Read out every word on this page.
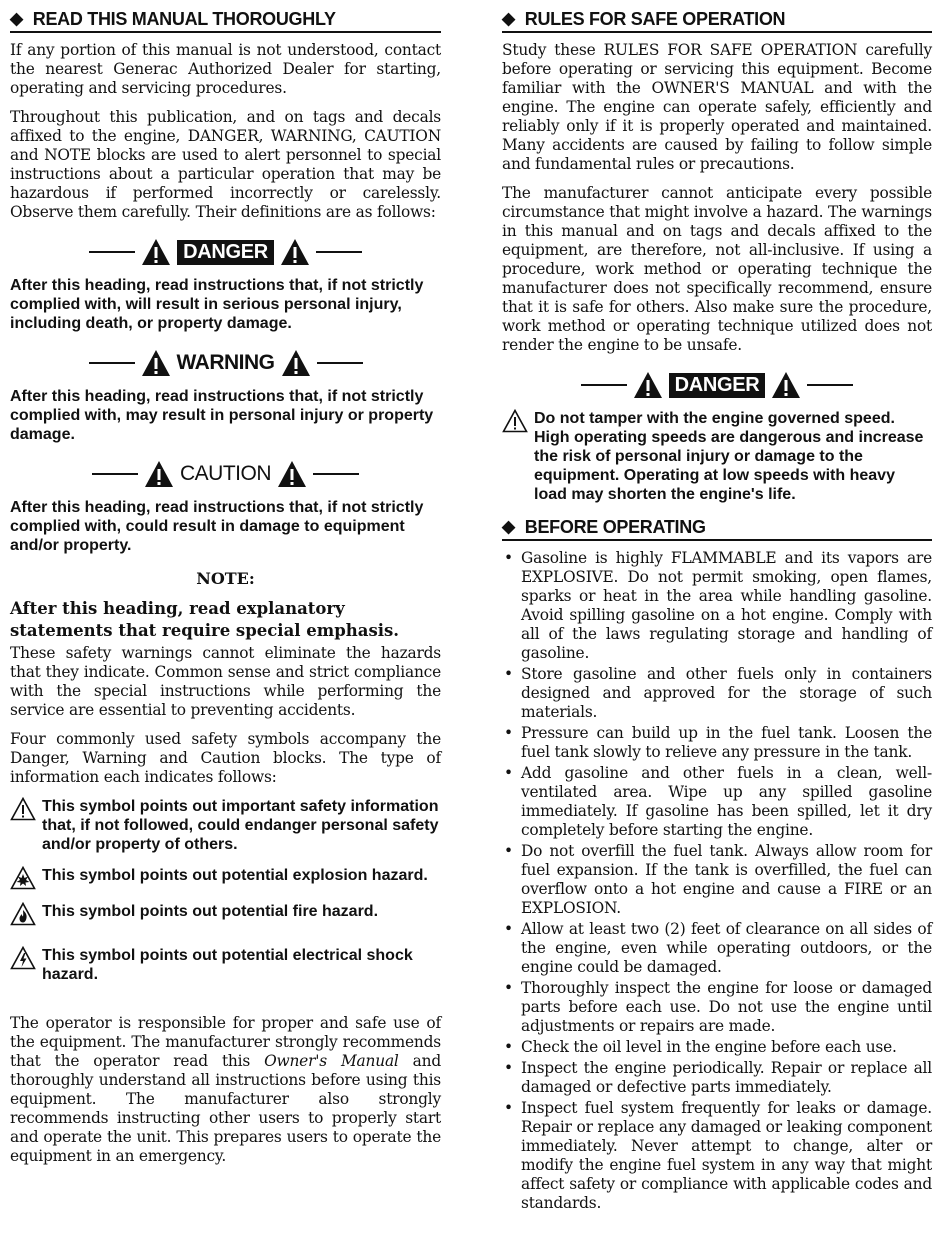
◆ READ THIS MANUAL THOROUGHLY

If any portion of this manual is not understood, contact the nearest Generac Authorized Dealer for starting, operating and servicing procedures.

Throughout this publication, and on tags and decals affixed to the engine, DANGER, WARNING, CAUTION and NOTE blocks are used to alert personnel to special instructions about a particular operation that may be hazardous if performed incorrectly or carelessly. Observe them carefully. Their definitions are as follows:

DANGER

After this heading, read instructions that, if not strictly complied with, will result in serious personal injury, including death, or property damage.

WARNING

After this heading, read instructions that, if not strictly complied with, may result in personal injury or property damage.

CAUTION

After this heading, read instructions that, if not strictly complied with, could result in damage to equipment and/or property.

NOTE:

After this heading, read explanatory statements that require special emphasis.

These safety warnings cannot eliminate the hazards that they indicate. Common sense and strict compliance with the special instructions while performing the service are essential to preventing accidents.

Four commonly used safety symbols accompany the Danger, Warning and Caution blocks. The type of information each indicates follows:

This symbol points out important safety information that, if not followed, could endanger personal safety and/or property of others.
This symbol points out potential explosion hazard.
This symbol points out potential fire hazard.
This symbol points out potential electrical shock hazard.

The operator is responsible for proper and safe use of the equipment. The manufacturer strongly recommends that the operator read this Owner's Manual and thoroughly understand all instructions before using this equipment. The manufacturer also strongly recommends instructing other users to properly start and operate the unit. This prepares users to operate the equipment in an emergency.

◆ RULES FOR SAFE OPERATION

Study these RULES FOR SAFE OPERATION carefully before operating or servicing this equipment. Become familiar with the OWNER'S MANUAL and with the engine. The engine can operate safely, efficiently and reliably only if it is properly operated and maintained. Many accidents are caused by failing to follow simple and fundamental rules or precautions.

The manufacturer cannot anticipate every possible circumstance that might involve a hazard. The warnings in this manual and on tags and decals affixed to the equipment, are therefore, not all-inclusive. If using a procedure, work method or operating technique the manufacturer does not specifically recommend, ensure that it is safe for others. Also make sure the procedure, work method or operating technique utilized does not render the engine to be unsafe.

DANGER
Do not tamper with the engine governed speed. High operating speeds are dangerous and increase the risk of personal injury or damage to the equipment. Operating at low speeds with heavy load may shorten the engine's life.
◆ BEFORE OPERATING
• Gasoline is highly FLAMMABLE and its vapors are EXPLOSIVE. Do not permit smoking, open flames, sparks or heat in the area while handling gasoline. Avoid spilling gasoline on a hot engine. Comply with all of the laws regulating storage and handling of gasoline.
• Store gasoline and other fuels only in containers designed and approved for the storage of such materials.
• Pressure can build up in the fuel tank. Loosen the fuel tank slowly to relieve any pressure in the tank.
• Add gasoline and other fuels in a clean, well-ventilated area. Wipe up any spilled gasoline immediately. If gasoline has been spilled, let it dry completely before starting the engine.
• Do not overfill the fuel tank. Always allow room for fuel expansion. If the tank is overfilled, the fuel can overflow onto a hot engine and cause a FIRE or an EXPLOSION.
• Allow at least two (2) feet of clearance on all sides of the engine, even while operating outdoors, or the engine could be damaged.
• Thoroughly inspect the engine for loose or damaged parts before each use. Do not use the engine until adjustments or repairs are made.
• Check the oil level in the engine before each use.
• Inspect the engine periodically. Repair or replace all damaged or defective parts immediately.
• Inspect fuel system frequently for leaks or damage. Repair or replace any damaged or leaking component immediately. Never attempt to change, alter or modify the engine fuel system in any way that might affect safety or compliance with applicable codes and standards.
